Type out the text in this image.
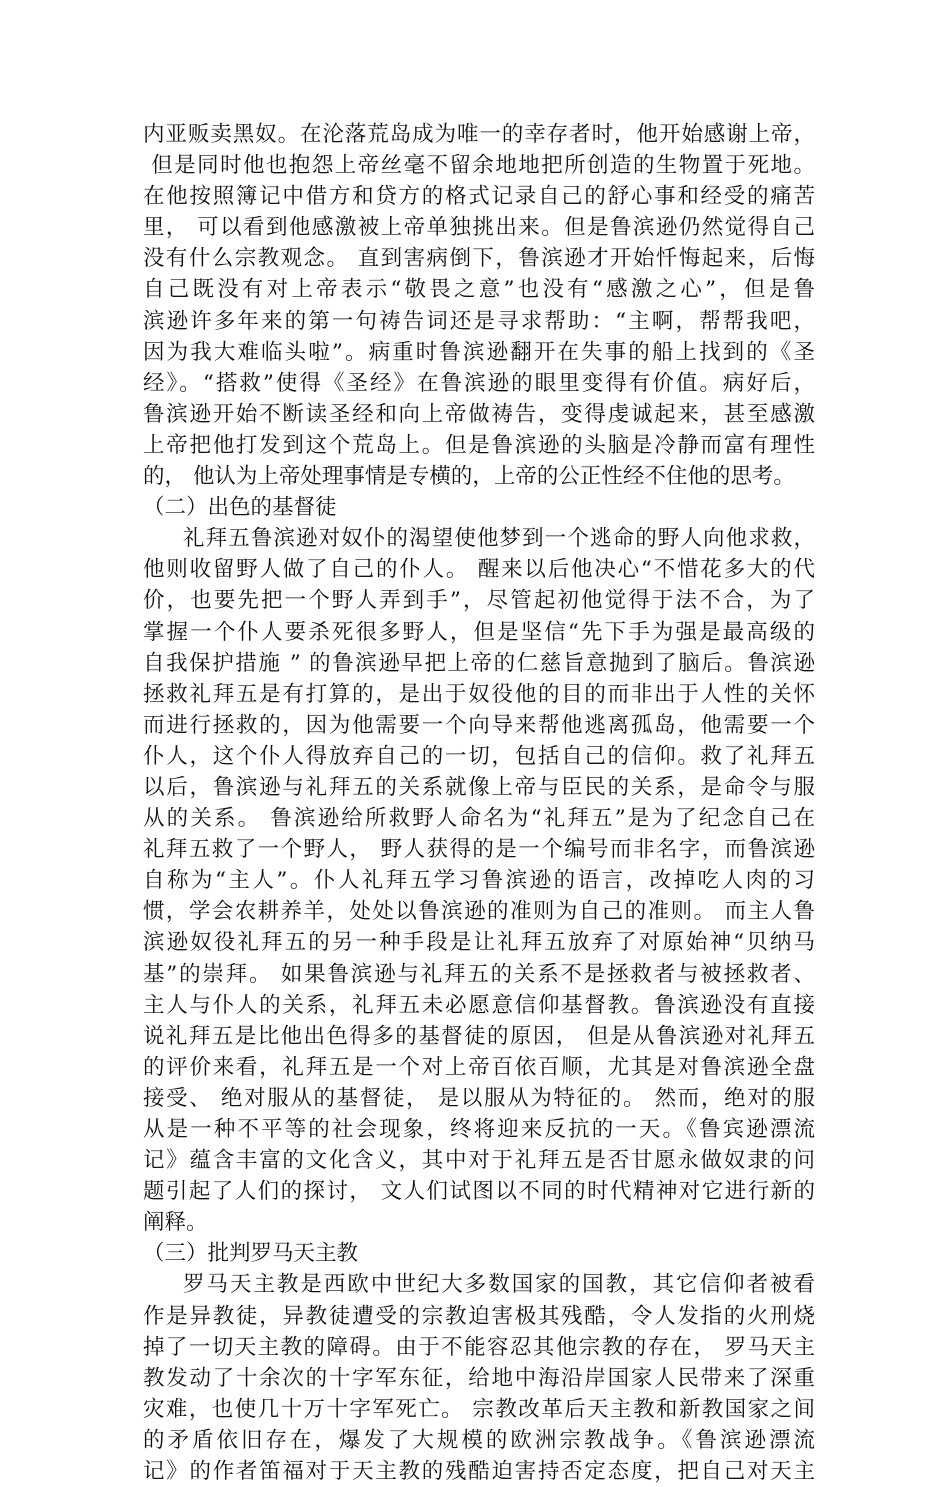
内亚贩卖黑奴。在沦落荒岛成为唯一的幸存者时，他开始感谢上帝，
但是同时他也抱怨上帝丝毫不留余地地把所创造的生物置于死地。
在他按照簿记中借方和贷方的格式记录自己的舒心事和经受的痛苦
里， 可以看到他感激被上帝单独挑出来。但是鲁滨逊仍然觉得自己
没有什么宗教观念。 直到害病倒下，鲁滨逊才开始忏悔起来，后悔
自己既没有对上帝表示“敬畏之意”也没有“感激之心”，但是鲁
滨逊许多年来的第一句祷告词还是寻求帮助：“主啊，帮帮我吧，
因为我大难临头啦”。病重时鲁滨逊翻开在失事的船上找到的《圣
经》。“搭救”使得《圣经》在鲁滨逊的眼里变得有价值。病好后，
鲁滨逊开始不断读圣经和向上帝做祷告，变得虔诚起来，甚至感激
上帝把他打发到这个荒岛上。但是鲁滨逊的头脑是冷静而富有理性
的， 他认为上帝处理事情是专横的，上帝的公正性经不住他的思考。
（二）出色的基督徒
礼拜五鲁滨逊对奴仆的渴望使他梦到一个逃命的野人向他求救，
他则收留野人做了自己的仆人。 醒来以后他决心“不惜花多大的代
价，也要先把一个野人弄到手”，尽管起初他觉得于法不合，为了
掌握一个仆人要杀死很多野人，但是坚信“先下手为强是最高级的
自我保护措施 ” 的鲁滨逊早把上帝的仁慈旨意抛到了脑后。鲁滨逊
拯救礼拜五是有打算的，是出于奴役他的目的而非出于人性的关怀
而进行拯救的，因为他需要一个向导来帮他逃离孤岛，他需要一个
仆人，这个仆人得放弃自己的一切，包括自己的信仰。救了礼拜五
以后，鲁滨逊与礼拜五的关系就像上帝与臣民的关系，是命令与服
从的关系。 鲁滨逊给所救野人命名为“礼拜五”是为了纪念自己在
礼拜五救了一个野人， 野人获得的是一个编号而非名字，而鲁滨逊
自称为“主人”。仆人礼拜五学习鲁滨逊的语言，改掉吃人肉的习
惯，学会农耕养羊，处处以鲁滨逊的准则为自己的准则。 而主人鲁
滨逊奴役礼拜五的另一种手段是让礼拜五放弃了对原始神“贝纳马
基”的崇拜。 如果鲁滨逊与礼拜五的关系不是拯救者与被拯救者、
主人与仆人的关系，礼拜五未必愿意信仰基督教。鲁滨逊没有直接
说礼拜五是比他出色得多的基督徒的原因， 但是从鲁滨逊对礼拜五
的评价来看，礼拜五是一个对上帝百依百顺，尤其是对鲁滨逊全盘
接受、 绝对服从的基督徒， 是以服从为特征的。 然而，绝对的服
从是一种不平等的社会现象，终将迎来反抗的一天。《鲁宾逊漂流
记》蕴含丰富的文化含义，其中对于礼拜五是否甘愿永做奴隶的问
题引起了人们的探讨， 文人们试图以不同的时代精神对它进行新的
阐释。
（三）批判罗马天主教
罗马天主教是西欧中世纪大多数国家的国教，其它信仰者被看
作是异教徒，异教徒遭受的宗教迫害极其残酷，令人发指的火刑烧
掉了一切天主教的障碍。由于不能容忍其他宗教的存在， 罗马天主
教发动了十余次的十字军东征，给地中海沿岸国家人民带来了深重
灾难，也使几十万十字军死亡。 宗教改革后天主教和新教国家之间
的矛盾依旧存在，爆发了大规模的欧洲宗教战争。《鲁滨逊漂流
记》的作者笛福对于天主教的残酷迫害持否定态度，把自己对天主
